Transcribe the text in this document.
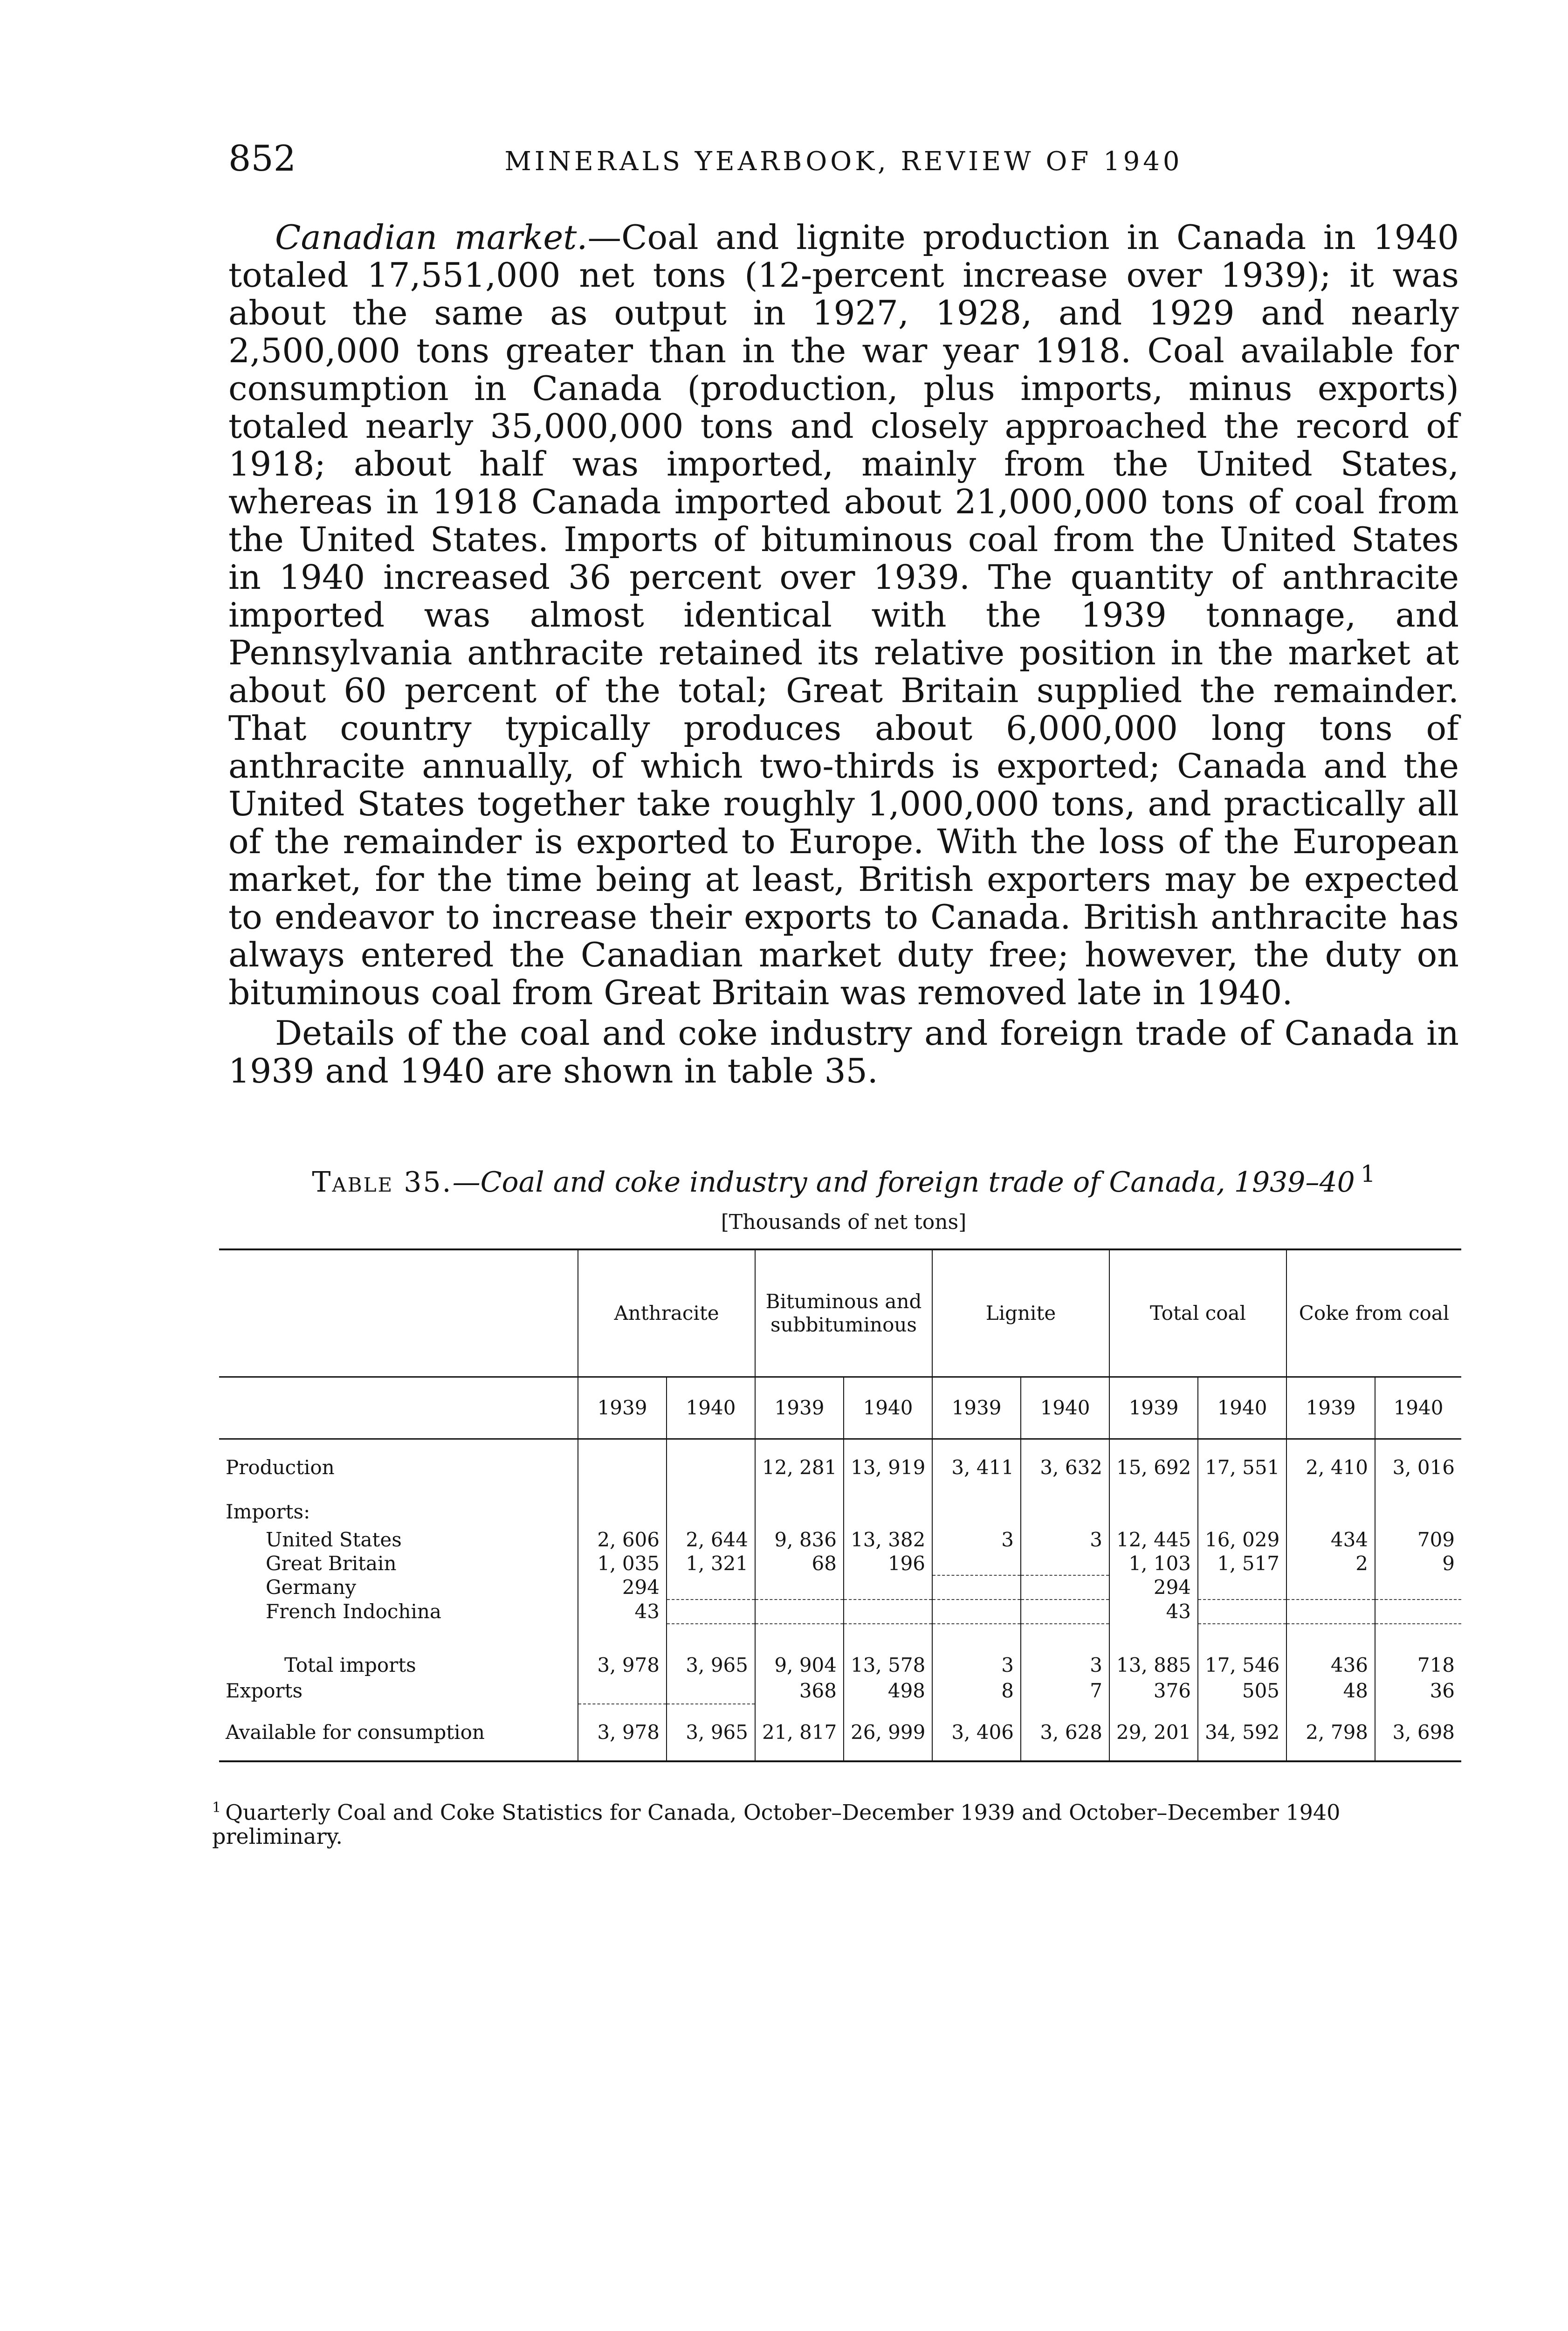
852	MINERALS YEARBOOK, REVIEW OF 1940

Canadian market.—Coal and lignite production in Canada in 1940 totaled 17,551,000 net tons (12-percent increase over 1939); it was about the same as output in 1927, 1928, and 1929 and nearly 2,500,000 tons greater than in the war year 1918. Coal available for consumption in Canada (production, plus imports, minus exports) totaled nearly 35,000,000 tons and closely approached the record of 1918; about half was imported, mainly from the United States, whereas in 1918 Canada imported about 21,000,000 tons of coal from the United States. Imports of bituminous coal from the United States in 1940 increased 36 percent over 1939. The quantity of anthracite imported was almost identical with the 1939 tonnage, and Pennsylvania anthracite retained its relative position in the market at about 60 percent of the total; Great Britain supplied the remainder. That country typically produces about 6,000,000 long tons of anthracite annually, of which two-thirds is exported; Canada and the United States together take roughly 1,000,000 tons, and practically all of the remainder is exported to Europe. With the loss of the European market, for the time being at least, British exporters may be expected to endeavor to increase their exports to Canada. British anthracite has always entered the Canadian market duty free; however, the duty on bituminous coal from Great Britain was removed late in 1940.

Details of the coal and coke industry and foreign trade of Canada in 1939 and 1940 are shown in table 35.

Table 35.—Coal and coke industry and foreign trade of Canada, 1939–40  $^1$
[Thousands of net tons]
	Anthracite		Bituminous and subbituminous		Lignite		Total coal		Coke from coal	
	1939	1940	1939	1940	1939	1940	1939	1940	1939	1940
Production			12, 281	13, 919	3, 411	3, 632	15, 692	17, 551	2, 410	3, 016
Imports:										
United States	2, 606	2, 644	9, 836	13, 382	3	3	12, 445	16, 029	434	709
Great Britain	1, 035	1, 321	68	196			1, 103	1, 517	2	9
Germany	294						294			
French Indochina	43						43			

Total imports	3, 978	3, 965	9, 904	13, 578	3	3	13, 885	17, 546	436	718
Exports			368	498	8	7	376	505	48	36
Available for consumption	3, 978	3, 965	21, 817	26, 999	3, 406	3, 628	29, 201	34, 592	2, 798	3, 698
$^1$  Quarterly Coal and Coke Statistics for Canada, October–December 1939 and October–December 1940 preliminary.
